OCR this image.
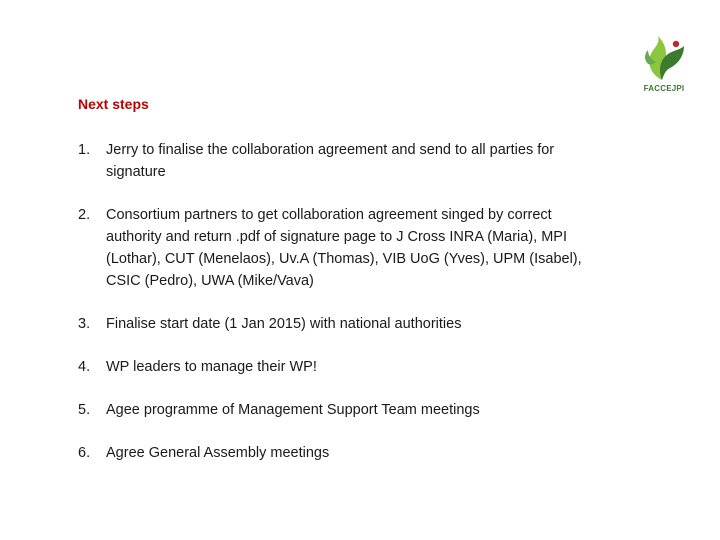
FACCEJPI
Next steps
1. Jerry to finalise the collaboration agreement and send to all parties for signature
2. Consortium partners to get collaboration agreement singed by correct authority and return .pdf of signature page to J Cross INRA (Maria), MPI (Lothar), CUT (Menelaos), Uv.A (Thomas), VIB UoG (Yves), UPM (Isabel), CSIC (Pedro), UWA (Mike/Vava)
3. Finalise start date (1 Jan 2015) with national authorities
4. WP leaders to manage their WP!
5. Agee programme of Management Support Team meetings
6. Agree General Assembly meetings
